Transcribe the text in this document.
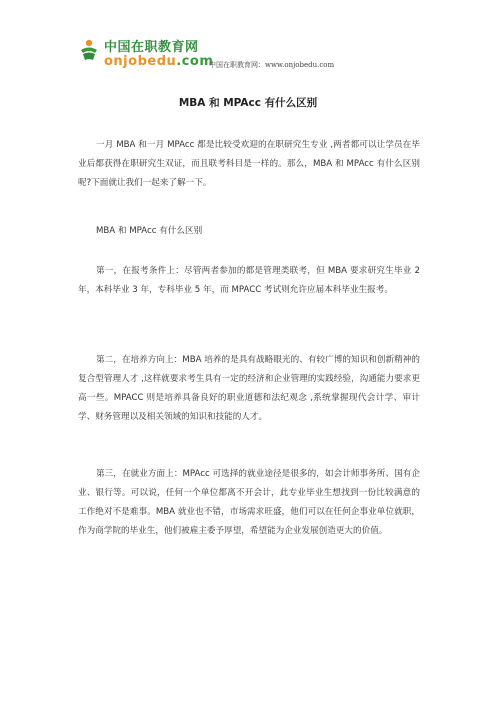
中国在职教育网
onjobedu.com
中国在职教育网：www.onjobedu.com
MBA 和 MPAcc 有什么区别
一月 MBA 和一月 MPAcc 都是比较受欢迎的在职研究生专业 ,两者都可以让学员在毕业后都获得在职研究生双证，而且联考科目是一样的。那么，MBA 和 MPAcc 有什么区别呢?下面就让我们一起来了解一下。
MBA 和 MPAcc 有什么区别
第一，在报考条件上：尽管两者参加的都是管理类联考，但 MBA 要求研究生毕业 2 年，本科毕业 3 年，专科毕业 5 年，而 MPACC 考试则允许应届本科毕业生报考。
第二，在培养方向上：MBA 培养的是具有战略眼光的、有较广博的知识和创新精神的复合型管理人才 ,这样就要求考生具有一定的经济和企业管理的实践经验，沟通能力要求更高一些。MPACC 则是培养具备良好的职业道德和法纪观念 ,系统掌握现代会计学、审计学、财务管理以及相关领域的知识和技能的人才。
第三，在就业方面上：MPAcc 可选择的就业途径是很多的，如会计师事务所、国有企业、银行等。可以说，任何一个单位都离不开会计，此专业毕业生想找到一份比较满意的工作绝对不是难事。MBA 就业也不错，市场需求旺盛，他们可以在任何企事业单位就职，作为商学院的毕业生，他们被雇主委予厚望，希望能为企业发展创造更大的价值。
